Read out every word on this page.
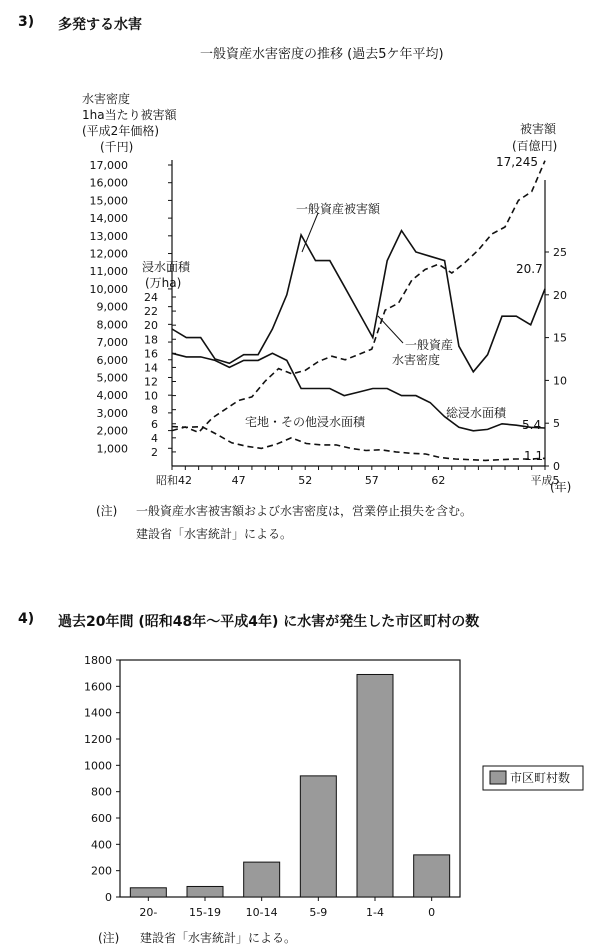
3) 多発する水害
一般資産水害密度の推移 (過去5ケ年平均)
水害密度
1ha当たり被害額
(平成2年価格)
(千円)
浸水面積
(万ha)
被害額
(百億円)
一般資産被害額
一般資産
水害密度
宅地・その他浸水面積
総浸水面積
17,245
20.7
5.4
1.1
(年)
(注) 一般資産水害被害額および水害密度は，営業停止損失を含む。
建設省「水害統計」による。
4) 過去20年間 (昭和48年〜平成4年) に水害が発生した市区町村の数
(注) 建設省「水害統計」による。
1,000
2,000
3,000
4,000
5,000
6,000
7,000
8,000
9,000
10,000
11,000
12,000
13,000
14,000
15,000
16,000
17,000
2
4
6
8
10
12
14
16
18
20
22
24
0
5
10
15
20
25
昭和42	47	52	57	62	平成5
0
200
400
600
800
1000
1200
1400
1600
1800
20-	15-19 10-14	5-9	1-4	0
市区町村数
